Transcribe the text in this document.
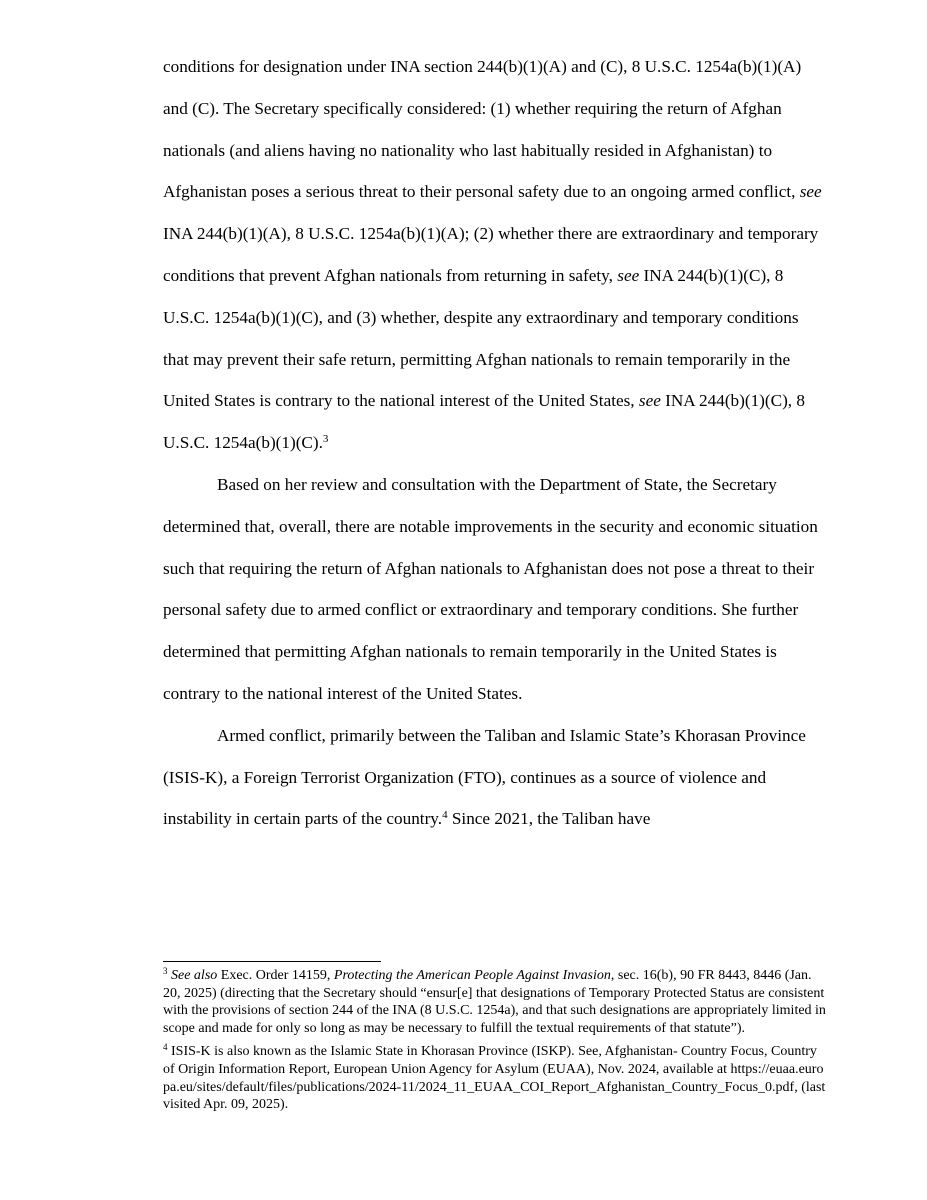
conditions for designation under INA section 244(b)(1)(A) and (C), 8 U.S.C. 1254a(b)(1)(A) and (C). The Secretary specifically considered: (1) whether requiring the return of Afghan nationals (and aliens having no nationality who last habitually resided in Afghanistan) to Afghanistan poses a serious threat to their personal safety due to an ongoing armed conflict, see INA 244(b)(1)(A), 8 U.S.C. 1254a(b)(1)(A); (2) whether there are extraordinary and temporary conditions that prevent Afghan nationals from returning in safety, see INA 244(b)(1)(C), 8 U.S.C. 1254a(b)(1)(C), and (3) whether, despite any extraordinary and temporary conditions that may prevent their safe return, permitting Afghan nationals to remain temporarily in the United States is contrary to the national interest of the United States, see INA 244(b)(1)(C), 8 U.S.C. 1254a(b)(1)(C).$^3$

Based on her review and consultation with the Department of State, the Secretary determined that, overall, there are notable improvements in the security and economic situation such that requiring the return of Afghan nationals to Afghanistan does not pose a threat to their personal safety due to armed conflict or extraordinary and temporary conditions. She further determined that permitting Afghan nationals to remain temporarily in the United States is contrary to the national interest of the United States.

Armed conflict, primarily between the Taliban and Islamic State’s Khorasan Province (ISIS-K), a Foreign Terrorist Organization (FTO), continues as a source of violence and instability in certain parts of the country.$^4$ Since 2021, the Taliban have

$^3$ See also Exec. Order 14159, Protecting the American People Against Invasion, sec. 16(b), 90 FR 8443, 8446 (Jan. 20, 2025) (directing that the Secretary should “ensur[e] that designations of Temporary Protected Status are consistent with the provisions of section 244 of the INA (8 U.S.C. 1254a), and that such designations are appropriately limited in scope and made for only so long as may be necessary to fulfill the textual requirements of that statute”).

$^4$ ISIS-K is also known as the Islamic State in Khorasan Province (ISKP). See, Afghanistan- Country Focus, Country of Origin Information Report, European Union Agency for Asylum (EUAA), Nov. 2024, available at https://euaa.europa.eu/sites/default/files/publications/2024-11/2024_11_EUAA_COI_Report_Afghanistan_Country_Focus_0.pdf, (last visited Apr. 09, 2025).
